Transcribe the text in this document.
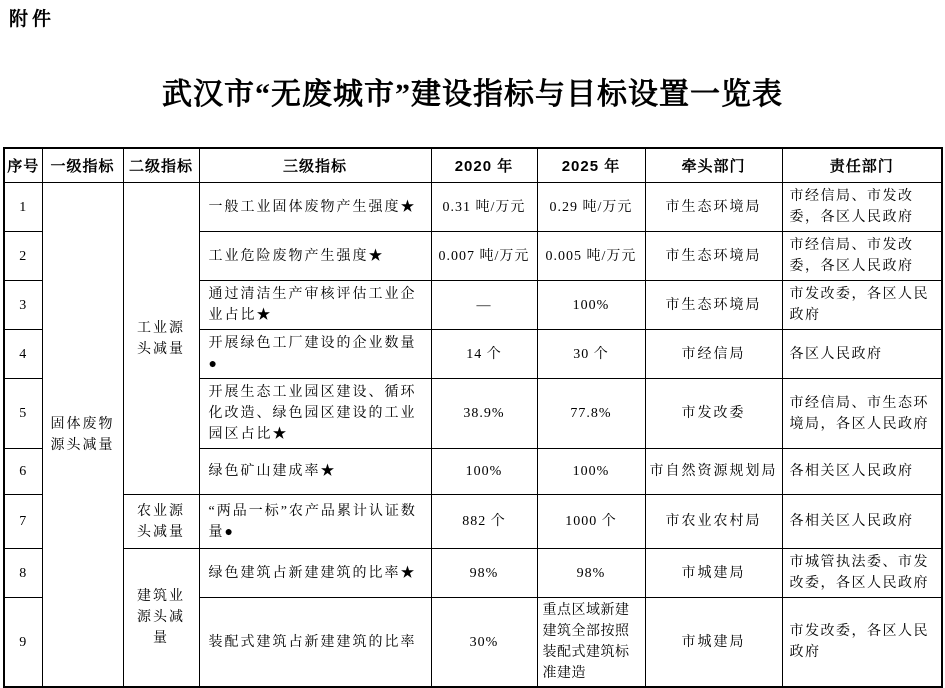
附件
武汉市“无废城市”建设指标与目标设置一览表
序号	一级指标	二级指标	三级指标	2020 年	2025 年	牵头部门	责任部门
1	固体废物源头减量	工业源头减量	一般工业固体废物产生强度★	0.31 吨/万元	0.29 吨/万元	市生态环境局	市经信局、市发改委，各区人民政府
2			工业危险废物产生强度★	0.007 吨/万元	0.005 吨/万元	市生态环境局	市经信局、市发改委，各区人民政府
3			通过清洁生产审核评估工业企业占比★	—	100%	市生态环境局	市发改委，各区人民政府
4			开展绿色工厂建设的企业数量●	14 个	30 个	市经信局	各区人民政府
5			开展生态工业园区建设、循环化改造、绿色园区建设的工业园区占比★	38.9%	77.8%	市发改委	市经信局、市生态环境局，各区人民政府
6			绿色矿山建成率★	100%	100%	市自然资源规划局	各相关区人民政府
7		农业源头减量	“两品一标”农产品累计认证数量●	882 个	1000 个	市农业农村局	各相关区人民政府
8		建筑业源头减量	绿色建筑占新建建筑的比率★	98%	98%	市城建局	市城管执法委、市发改委，各区人民政府
9			装配式建筑占新建建筑的比率	30%	重点区域新建建筑全部按照装配式建筑标准建造	市城建局	市发改委，各区人民政府
